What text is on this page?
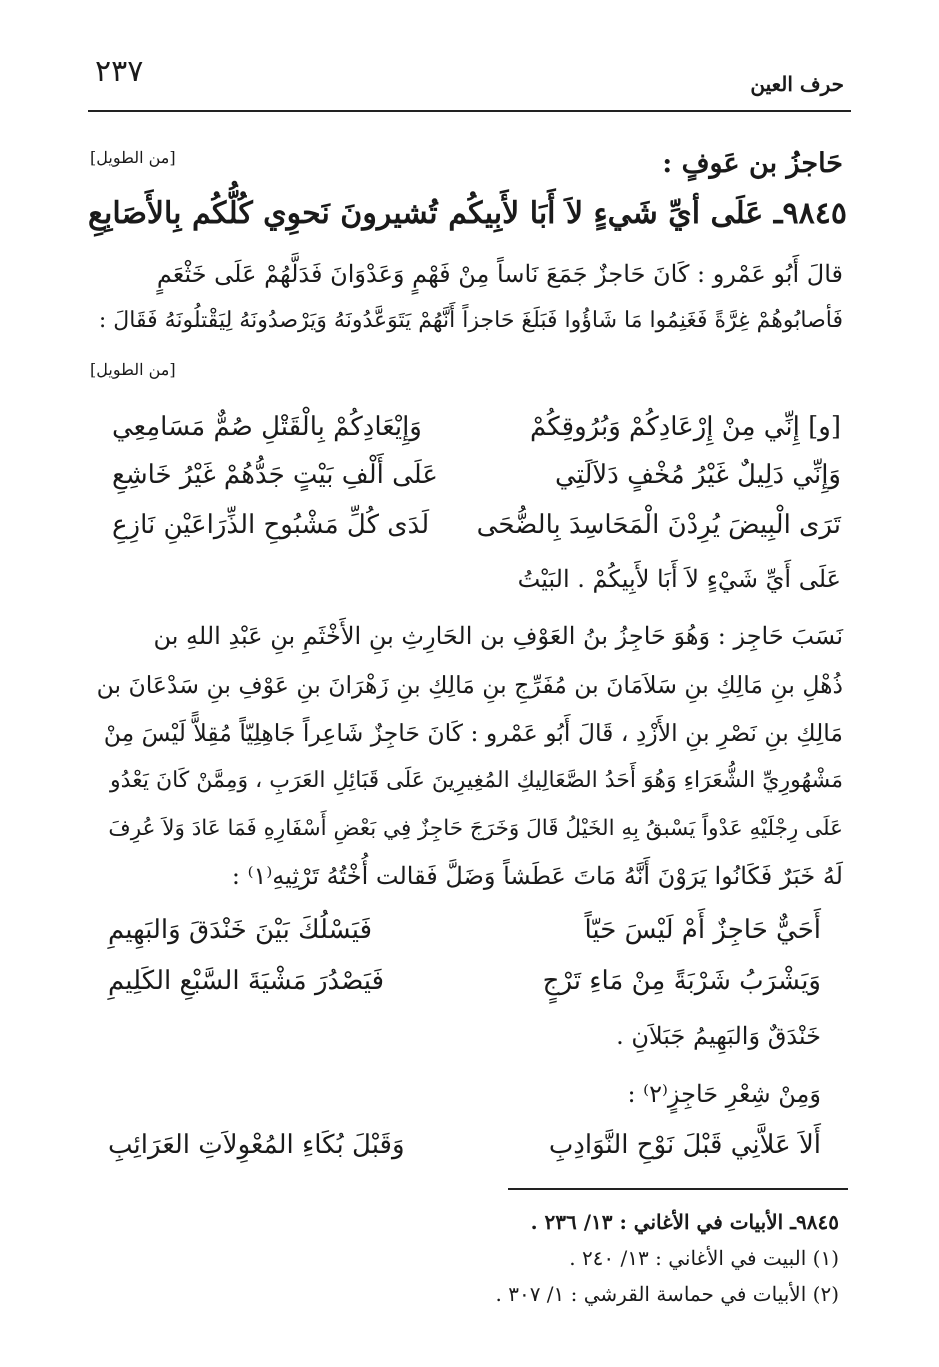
٢٣٧	حرف العين
حَاجزُ بن عَوفٍ :
[من الطويل]
٩٨٤٥ـ عَلَى أيِّ شَيءٍ لاَ أَبَا لأَبِيكُم
تُشيرونَ نَحوِي كُلُّكُم بِالأَصَابِعِ
قالَ أَبُو عَمْرو : كَانَ حَاجزٌ جَمَعَ نَاساً مِنْ فَهْمٍ وَعَدْوَانَ فَدَلَّهُمْ عَلَى خَثْعَمٍ
فَأصابُوهُمْ غِرَّةً فَغَنِمُوا مَا شَاؤُوا فَبَلَغَ حَاجزاً أَنَّهُمْ يَتَوَعَّدُونَهُ وَيَرْصدُونَهُ لِيَقْتلُونَهُ فَقَالَ :
[من الطويل]
[و] إِنِّي مِنْ إِرْعَادِكُمْ وَبُرُوقِكُمْ
وَإِيْعَادِكُمْ بِالْقَتْلِ صُمٌّ مَسَامِعِي
وَإِنِّي دَلِيلٌ غَيْرُ مُخْفٍ دَلاَلَتِي
عَلَى أَلْفِ بَيْتٍ جَدُّهُمْ غَيْرُ خَاشِعِ
تَرَى الْبِيضَ يُرِدْنَ الْمَحَاسِدَ بِالضُّحَى
لَدَى كُلِّ مَشْبُوحِ الذِّرَاعَيْنِ نَازِعِ
عَلَى أَيِّ شَيْءٍ لاَ أَبَا لأَبِيكُمْ . البَيْتُ
نَسَبَ حَاجِز : وَهُوَ حَاجِزُ بنُ العَوْفِ بن الحَارِثِ بنِ الأَخْثَمِ بنِ عَبْدِ اللهِ بن
ذُهْلِ بنِ مَالِكِ بنِ سَلاَمَانَ بن مُفَرِّجِ بنِ مَالِكِ بنِ زَهْرَانَ بنِ عَوْفِ بنِ سَدْعَانَ بن
مَالِكِ بنِ نَصْرِ بنِ الأَزْدِ ، قَالَ أَبُو عَمْرو : كَانَ حَاجِزٌ شَاعِراً جَاهِلِيّاً مُقِلاًّ لَيْسَ مِنْ
مَشْهُورِيِّ الشُّعَرَاءِ وَهُوَ أَحَدُ الصَّعَالِيكِ المُغِيرِينَ عَلَى قَبَائِلِ العَرَبِ ، وَمِمَّنْ كَانَ يَعْدُو
عَلَى رِجْلَيْهِ عَدْواً يَسْبقُ بِهِ الخَيْلُ قَالَ وَخَرَجَ حَاجِزٌ فِي بَعْضِ أَسْفَارِهِ فَمَا عَادَ وَلاَ عُرِفَ
لَهُ خَبَرٌ فَكَانُوا يَرَوْنَ أَنَّهُ مَاتَ عَطَشاً وَضَلَّ فَقالت أُخْتُهُ تَرْثِيهِ⁽١⁾ :
أَحَيٌّ حَاجِزٌ أَمْ لَيْسَ حَيّاً
فَيَسْلُكَ بَيْنَ خَنْدَقَ وَالبَهِيمِ
وَيَشْرَبُ شَرْبَةً مِنْ مَاءِ تَرْجٍ
فَيَصْدُرَ مَشْيَةَ السَّبْعِ الكَلِيمِ
خَنْدَقٌ وَالبَهِيمُ جَبَلاَنِ .
وَمِنْ شِعْرِ حَاجِزٍ⁽٢⁾ :
أَلاَ عَلاَّنِي قَبْلَ نَوْحِ النَّوَادِبِ
وَقَبْلَ بُكَاءِ المُعْوِلاَتِ العَرَائِبِ
٩٨٤٥ـ الأبيات في الأغاني : ١٣/ ٢٣٦ .
(١) البيت في الأغاني : ١٣/ ٢٤٠ .
(٢) الأبيات في حماسة القرشي : ١/ ٣٠٧ .
